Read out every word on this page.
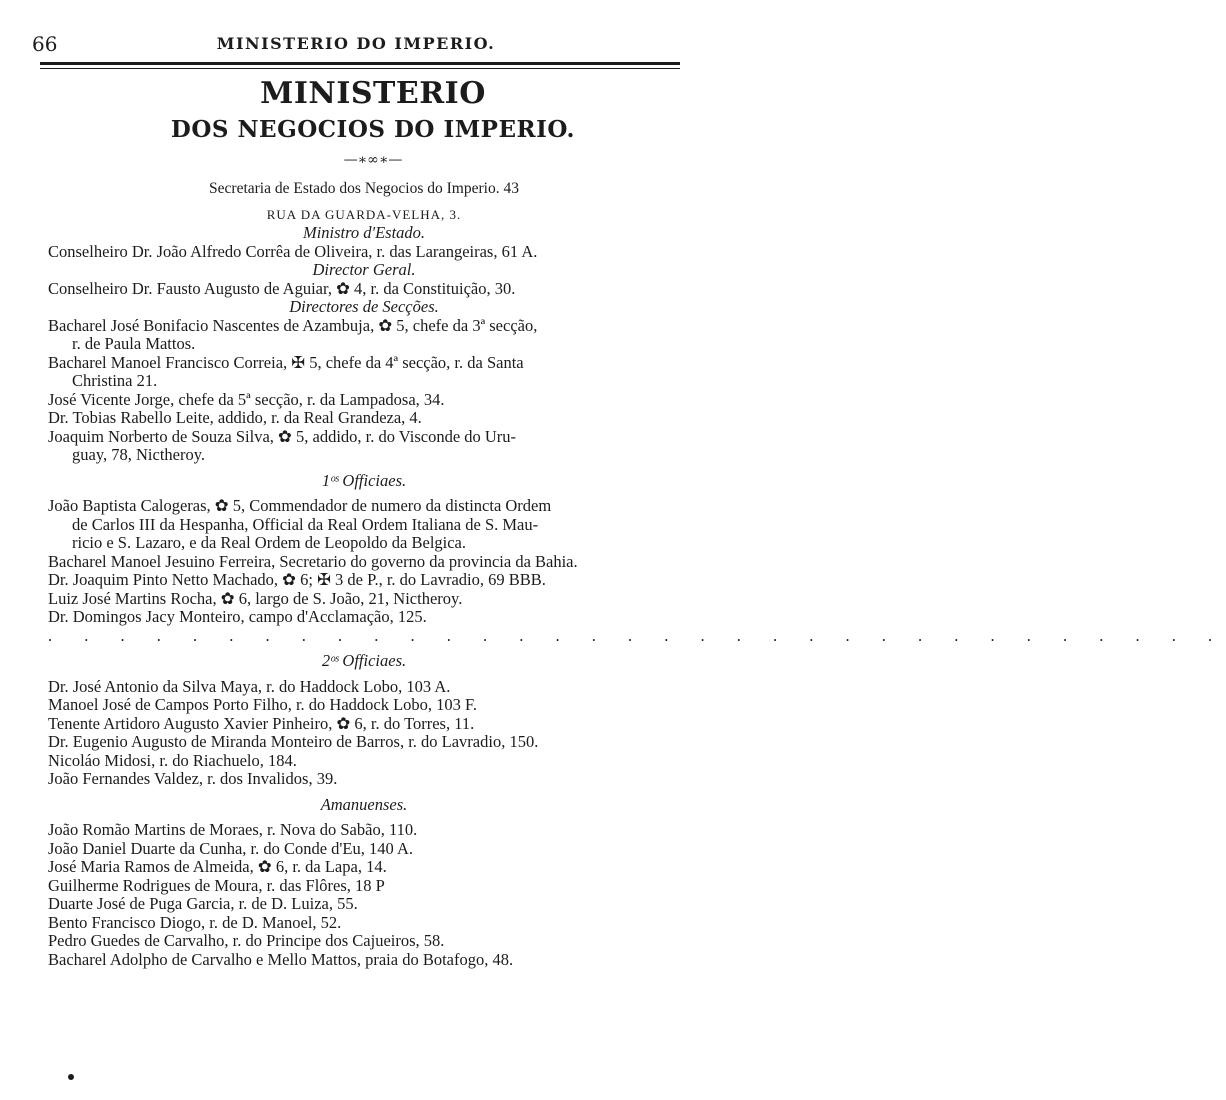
66	MINISTERIO DO IMPERIO.
MINISTERIO
DOS NEGOCIOS DO IMPERIO.
—∗∞∗—
Secretaria de Estado dos Negocios do Imperio. 43
RUA DA GUARDA-VELHA, 3.
Ministro d'Estado.
Conselheiro Dr. João Alfredo Corrêa de Oliveira, r. das Larangeiras, 61 A.
Director Geral.
Conselheiro Dr. Fausto Augusto de Aguiar, ✿ 4, r. da Constituição, 30.
Directores de Secções.
Bacharel José Bonifacio Nascentes de Azambuja, ✿ 5, chefe da 3ª secção,
r. de Paula Mattos.
Bacharel Manoel Francisco Correia, ✠ 5, chefe da 4ª secção, r. da Santa
Christina 21.
José Vicente Jorge, chefe da 5ª secção, r. da Lampadosa, 34.
Dr. Tobias Rabello Leite, addido, r. da Real Grandeza, 4.
Joaquim Norberto de Souza Silva, ✿ 5, addido, r. do Visconde do Uru-
guay, 78, Nictheroy.
1ᵒˢ Officiaes.
João Baptista Calogeras, ✿ 5, Commendador de numero da distincta Ordem
de Carlos III da Hespanha, Official da Real Ordem Italiana de S. Mau-
ricio e S. Lazaro, e da Real Ordem de Leopoldo da Belgica.
Bacharel Manoel Jesuino Ferreira, Secretario do governo da provincia da Bahia.
Dr. Joaquim Pinto Netto Machado, ✿ 6; ✠ 3 de P., r. do Lavradio, 69 BBB.
Luiz José Martins Rocha, ✿ 6, largo de S. João, 21, Nictheroy.
Dr. Domingos Jacy Monteiro, campo d'Acclamação, 125.
. . . . . . . . . . . . . . . . . . . . . . . . . . . . . . . . .
2ᵒˢ Officiaes.
Dr. José Antonio da Silva Maya, r. do Haddock Lobo, 103 A.
Manoel José de Campos Porto Filho, r. do Haddock Lobo, 103 F.
Tenente Artidoro Augusto Xavier Pinheiro, ✿ 6, r. do Torres, 11.
Dr. Eugenio Augusto de Miranda Monteiro de Barros, r. do Lavradio, 150.
Nicoláo Midosi, r. do Riachuelo, 184.
João Fernandes Valdez, r. dos Invalidos, 39.
Amanuenses.
João Romão Martins de Moraes, r. Nova do Sabão, 110.
João Daniel Duarte da Cunha, r. do Conde d'Eu, 140 A.
José Maria Ramos de Almeida, ✿ 6, r. da Lapa, 14.
Guilherme Rodrigues de Moura, r. das Flôres, 18 P
Duarte José de Puga Garcia, r. de D. Luiza, 55.
Bento Francisco Diogo, r. de D. Manoel, 52.
Pedro Guedes de Carvalho, r. do Principe dos Cajueiros, 58.
Bacharel Adolpho de Carvalho e Mello Mattos, praia do Botafogo, 48.
